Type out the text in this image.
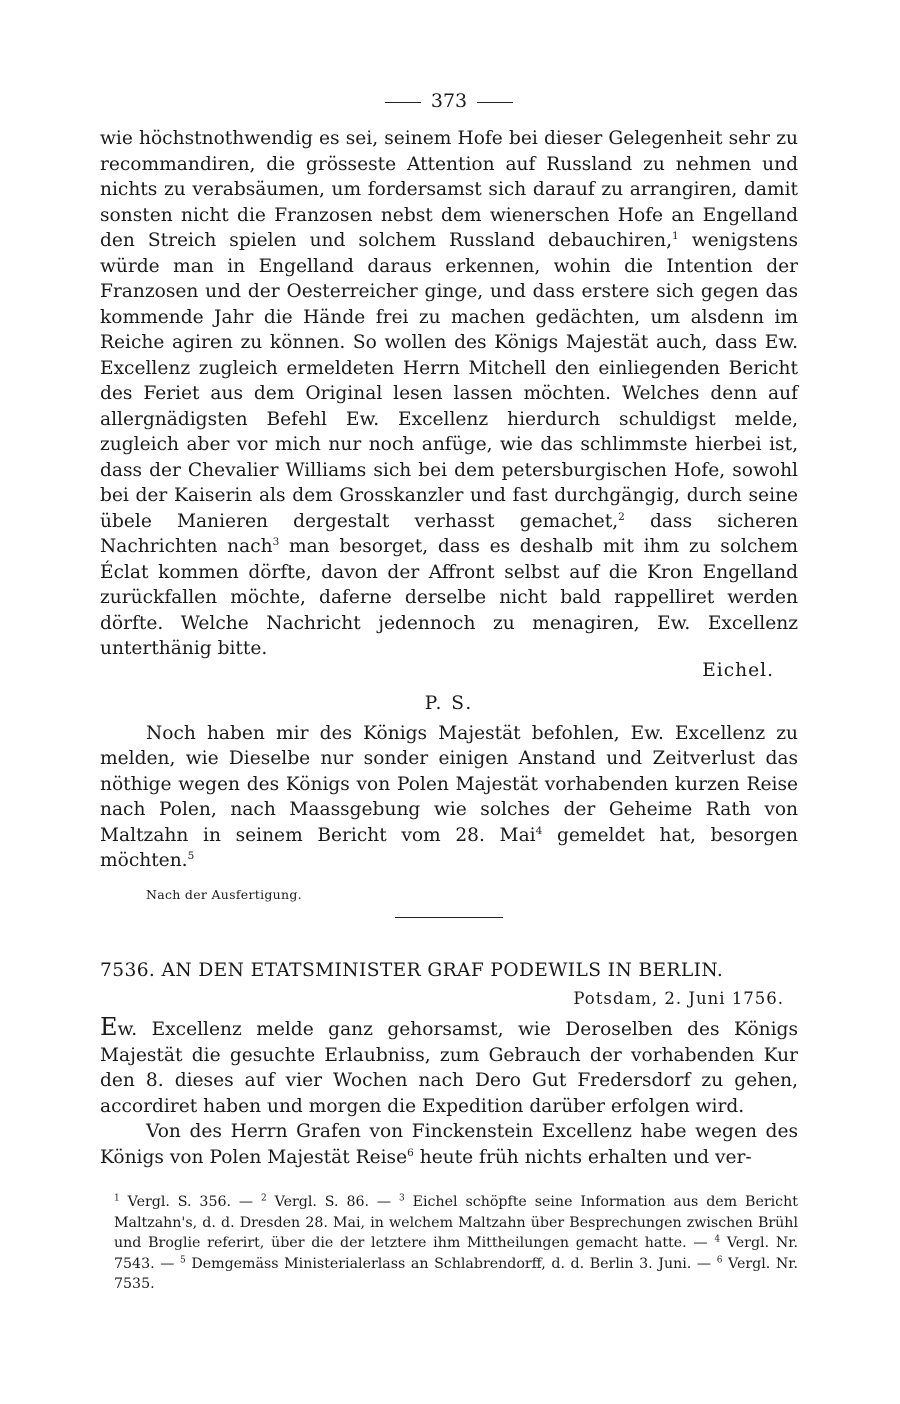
373

wie höchstnothwendig es sei, seinem Hofe bei dieser Gelegenheit sehr zu recommandiren, die grösseste Attention auf Russland zu nehmen und nichts zu verabsäumen, um fordersamst sich darauf zu arrangiren, damit sonsten nicht die Franzosen nebst dem wienerschen Hofe an Engelland den Streich spielen und solchem Russland debauchiren,$^1$ wenigstens würde man in Engelland daraus erkennen, wohin die Intention der Franzosen und der Oesterreicher ginge, und dass erstere sich gegen das kommende Jahr die Hände frei zu machen gedächten, um alsdenn im Reiche agiren zu können. So wollen des Königs Majestät auch, dass Ew. Excellenz zugleich ermeldeten Herrn Mitchell den einliegenden Bericht des Feriet aus dem Original lesen lassen möchten. Welches denn auf allergnädigsten Befehl Ew. Excellenz hierdurch schuldigst melde, zugleich aber vor mich nur noch anfüge, wie das schlimmste hierbei ist, dass der Chevalier Williams sich bei dem petersburgischen Hofe, sowohl bei der Kaiserin als dem Grosskanzler und fast durchgängig, durch seine übele Manieren dergestalt verhasst gemachet,$^2$ dass sicheren Nachrichten nach$^3$ man besorget, dass es deshalb mit ihm zu solchem Éclat kommen dörfte, davon der Affront selbst auf die Kron Engelland zurückfallen möchte, daferne derselbe nicht bald rappelliret werden dörfte. Welche Nachricht jedennoch zu menagiren, Ew. Excellenz unterthänig bitte.

Eichel.
P. S.

Noch haben mir des Königs Majestät befohlen, Ew. Excellenz zu melden, wie Dieselbe nur sonder einigen Anstand und Zeitverlust das nöthige wegen des Königs von Polen Majestät vorhabenden kurzen Reise nach Polen, nach Maassgebung wie solches der Geheime Rath von Maltzahn in seinem Bericht vom 28. Mai$^4$ gemeldet hat, besorgen möchten.$^5$

Nach der Ausfertigung.
7536. AN DEN ETATSMINISTER GRAF PODEWILS IN BERLIN.
Potsdam, 2. Juni 1756.

Ew. Excellenz melde ganz gehorsamst, wie Deroselben des Königs Majestät die gesuchte Erlaubniss, zum Gebrauch der vorhabenden Kur den 8. dieses auf vier Wochen nach Dero Gut Fredersdorf zu gehen, accordiret haben und morgen die Expedition darüber erfolgen wird.

Von des Herrn Grafen von Finckenstein Excellenz habe wegen des Königs von Polen Majestät Reise$^6$ heute früh nichts erhalten und ver-

$^1$ Vergl. S. 356. — $^2$ Vergl. S. 86. — $^3$ Eichel schöpfte seine Information aus dem Bericht Maltzahn's, d. d. Dresden 28. Mai, in welchem Maltzahn über Besprechungen zwischen Brühl und Broglie referirt, über die der letztere ihm Mittheilungen gemacht hatte. — $^4$ Vergl. Nr. 7543. — $^5$ Demgemäss Ministerialerlass an Schlabrendorff, d. d. Berlin 3. Juni. — $^6$ Vergl. Nr. 7535.
